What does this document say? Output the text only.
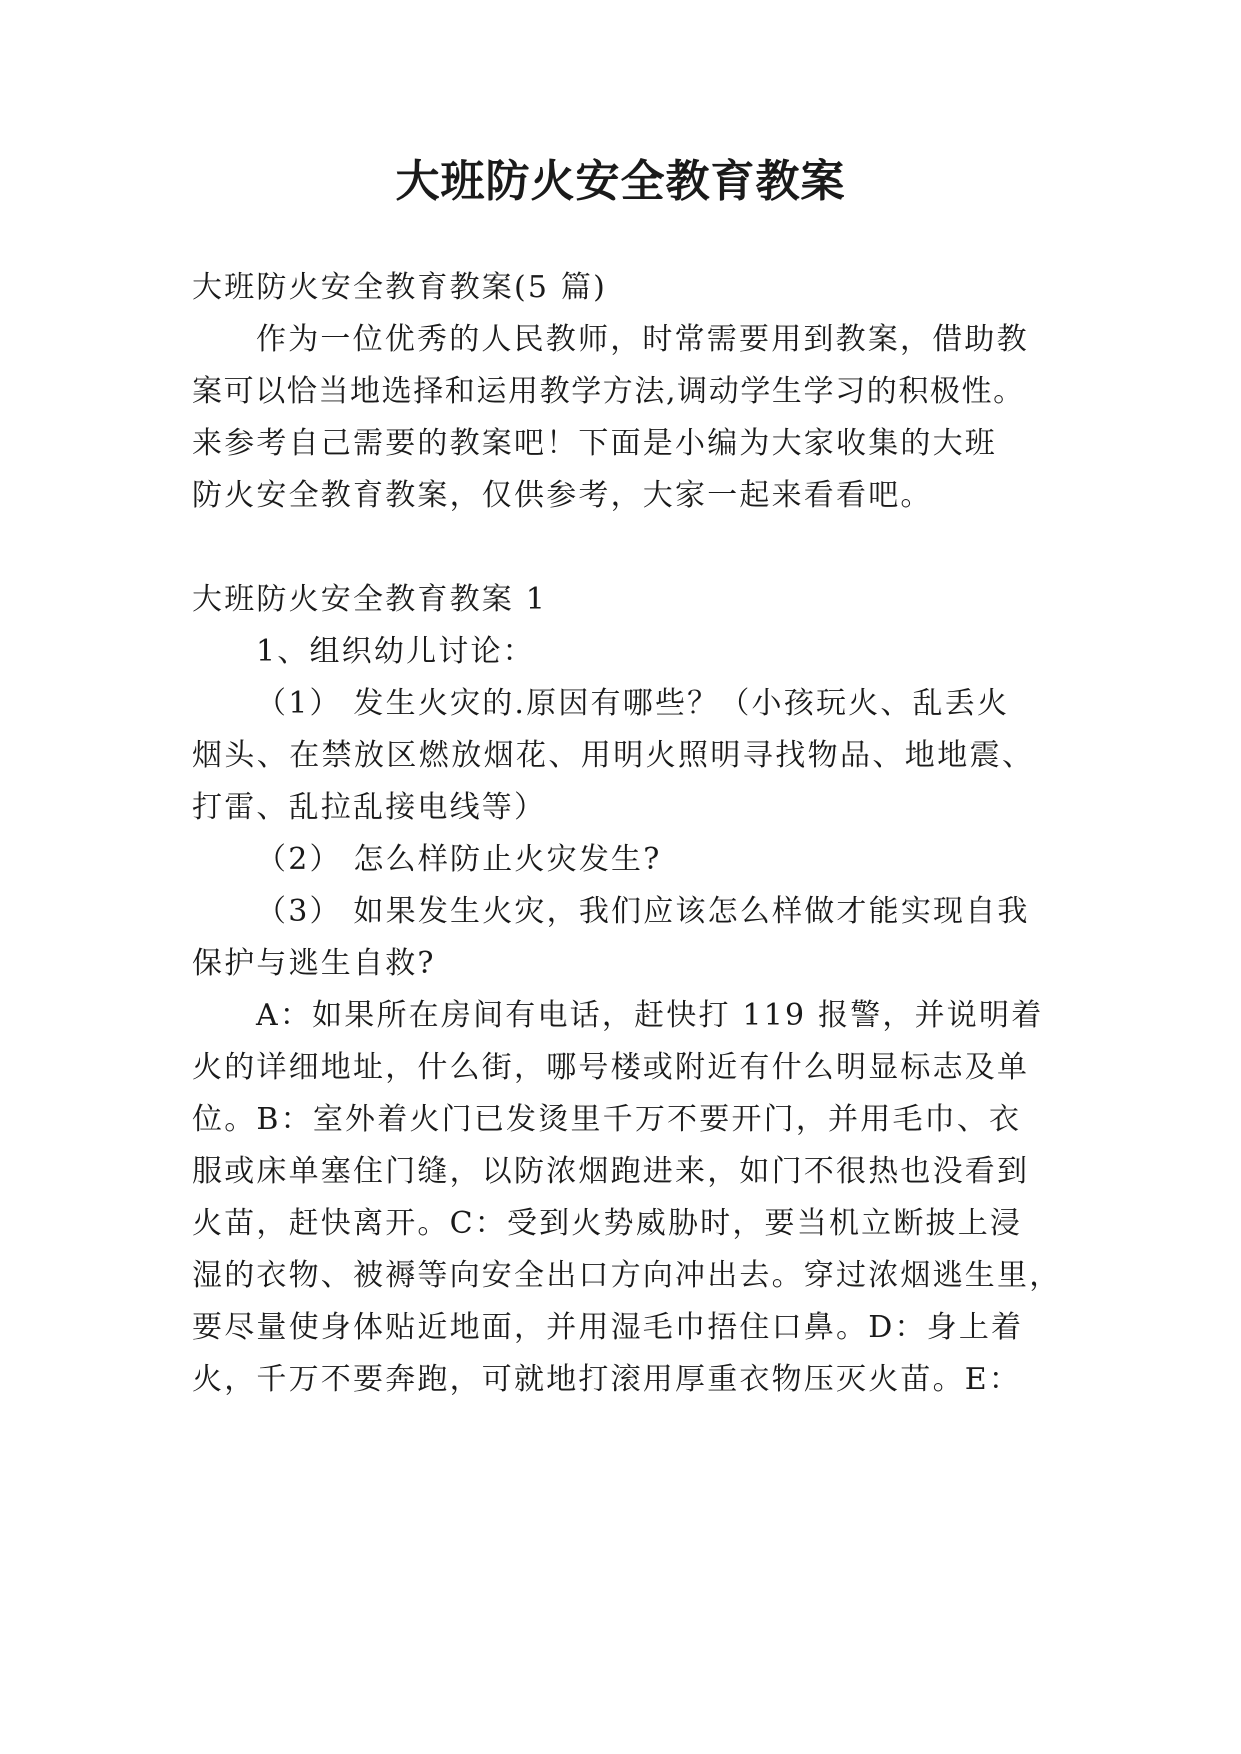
大班防火安全教育教案
大班防火安全教育教案(5 篇)
作为一位优秀的人民教师，时常需要用到教案，借助教
案可以恰当地选择和运用教学方法,调动学生学习的积极性。
来参考自己需要的教案吧！下面是小编为大家收集的大班
防火安全教育教案，仅供参考，大家一起来看看吧。
大班防火安全教育教案 1
1、组织幼儿讨论：
（1） 发生火灾的.原因有哪些？（小孩玩火、乱丢火
烟头、在禁放区燃放烟花、用明火照明寻找物品、地地震、
打雷、乱拉乱接电线等）
（2） 怎么样防止火灾发生?
（3） 如果发生火灾，我们应该怎么样做才能实现自我
保护与逃生自救?
A：如果所在房间有电话，赶快打 119 报警，并说明着
火的详细地址，什么街，哪号楼或附近有什么明显标志及单
位。B：室外着火门已发烫里千万不要开门，并用毛巾、衣
服或床单塞住门缝，以防浓烟跑进来，如门不很热也没看到
火苗，赶快离开。C：受到火势威胁时，要当机立断披上浸
湿的衣物、被褥等向安全出口方向冲出去。穿过浓烟逃生里，
要尽量使身体贴近地面，并用湿毛巾捂住口鼻。D：身上着
火，千万不要奔跑，可就地打滚用厚重衣物压灭火苗。E：
